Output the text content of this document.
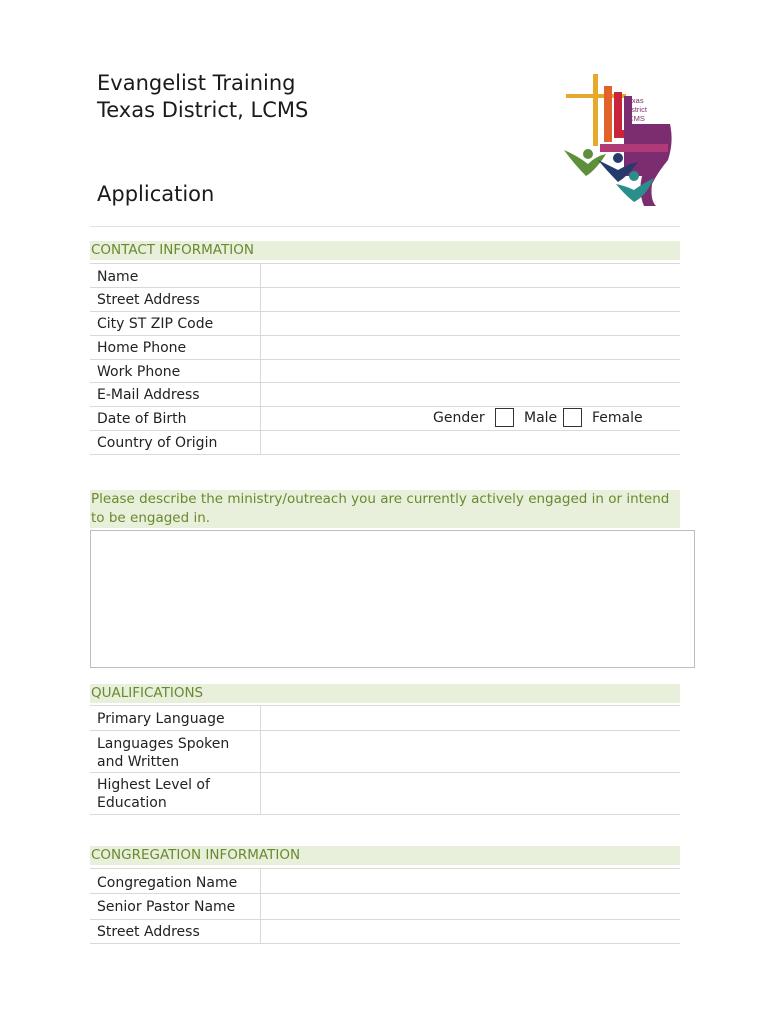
Evangelist Training
Texas District, LCMS	Texas
District
LCMS
Application
CONTACT INFORMATION
Name
Street Address
City ST ZIP Code
Home Phone
Work Phone
E-Mail Address
Date of Birth	Gender	Male Female
Country of Origin
Please describe the ministry/outreach you are currently actively engaged in or intend to be engaged in.
QUALIFICATIONS
Primary Language
Languages Spoken and Written
Highest Level of Education
CONGREGATION INFORMATION
Congregation Name
Senior Pastor Name
Street Address
